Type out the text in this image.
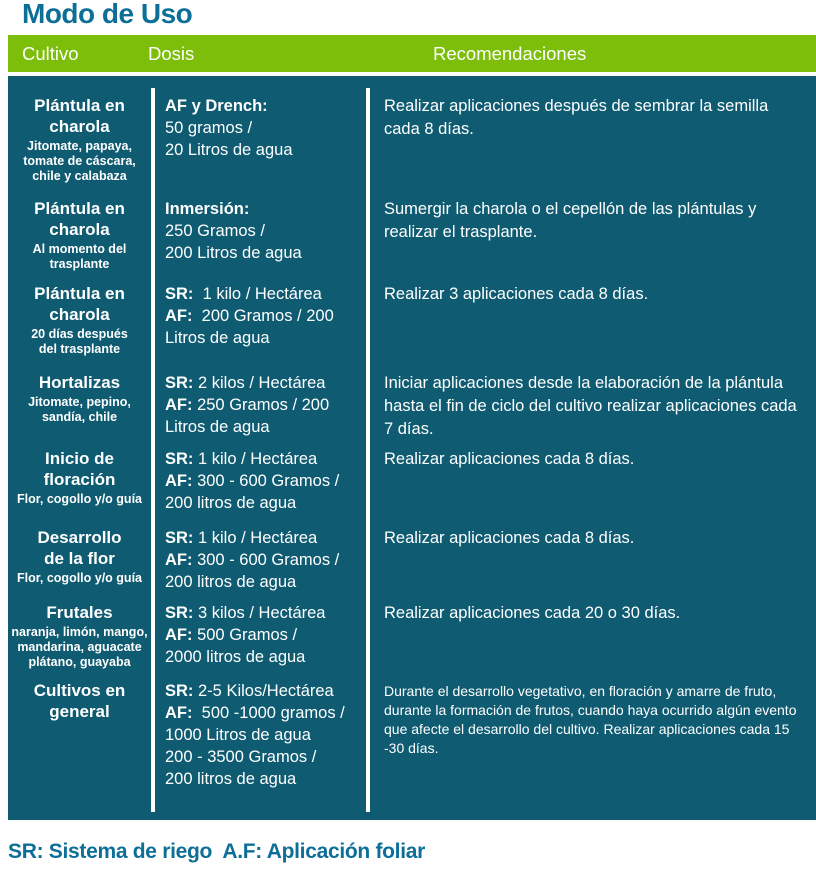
Modo de Uso
Cultivo	Dosis	Recomendaciones
Plántula en
charola
Jitomate, papaya,
tomate de cáscara,
chile y calabaza
AF y Drench:
50 gramos /
20 Litros de agua
Realizar aplicaciones después de sembrar la semilla cada 8 días.
Plántula en
charola
Al momento del
trasplante
Inmersión:
250 Gramos /
200 Litros de agua
Sumergir la charola o el cepellón de las plántulas y realizar el trasplante.
Plántula en
charola
20 días después
del trasplante
SR:  1 kilo / Hectárea
AF:  200 Gramos / 200
Litros de agua
Realizar 3 aplicaciones cada 8 días.
Hortalizas
Jitomate, pepino,
sandía, chile
SR: 2 kilos / Hectárea
AF: 250 Gramos / 200
Litros de agua
Iniciar aplicaciones desde la elaboración de la plántula hasta el fin de ciclo del cultivo realizar aplicaciones cada 7 días.
Inicio de
floración
Flor, cogollo y/o guía
SR: 1 kilo / Hectárea
AF: 300 - 600 Gramos /
200 litros de agua
Realizar aplicaciones cada 8 días.
Desarrollo
de la flor
Flor, cogollo y/o guía
SR: 1 kilo / Hectárea
AF: 300 - 600 Gramos /
200 litros de agua
Realizar aplicaciones cada 8 días.
Frutales
naranja, limón, mango,
mandarina, aguacate
plátano, guayaba
SR: 3 kilos / Hectárea
AF: 500 Gramos /
2000 litros de agua
Realizar aplicaciones cada 20 o 30 días.
Cultivos en
general
SR: 2-5 Kilos/Hectárea
AF:  500 -1000 gramos /
1000 Litros de agua
200 - 3500 Gramos /
200 litros de agua
Durante el desarrollo vegetativo, en floración y amarre de fruto, durante la formación de frutos, cuando haya ocurrido algún evento que afecte el desarrollo del cultivo. Realizar aplicaciones cada 15 -30 días.
SR: Sistema de riego  A.F: Aplicación foliar
